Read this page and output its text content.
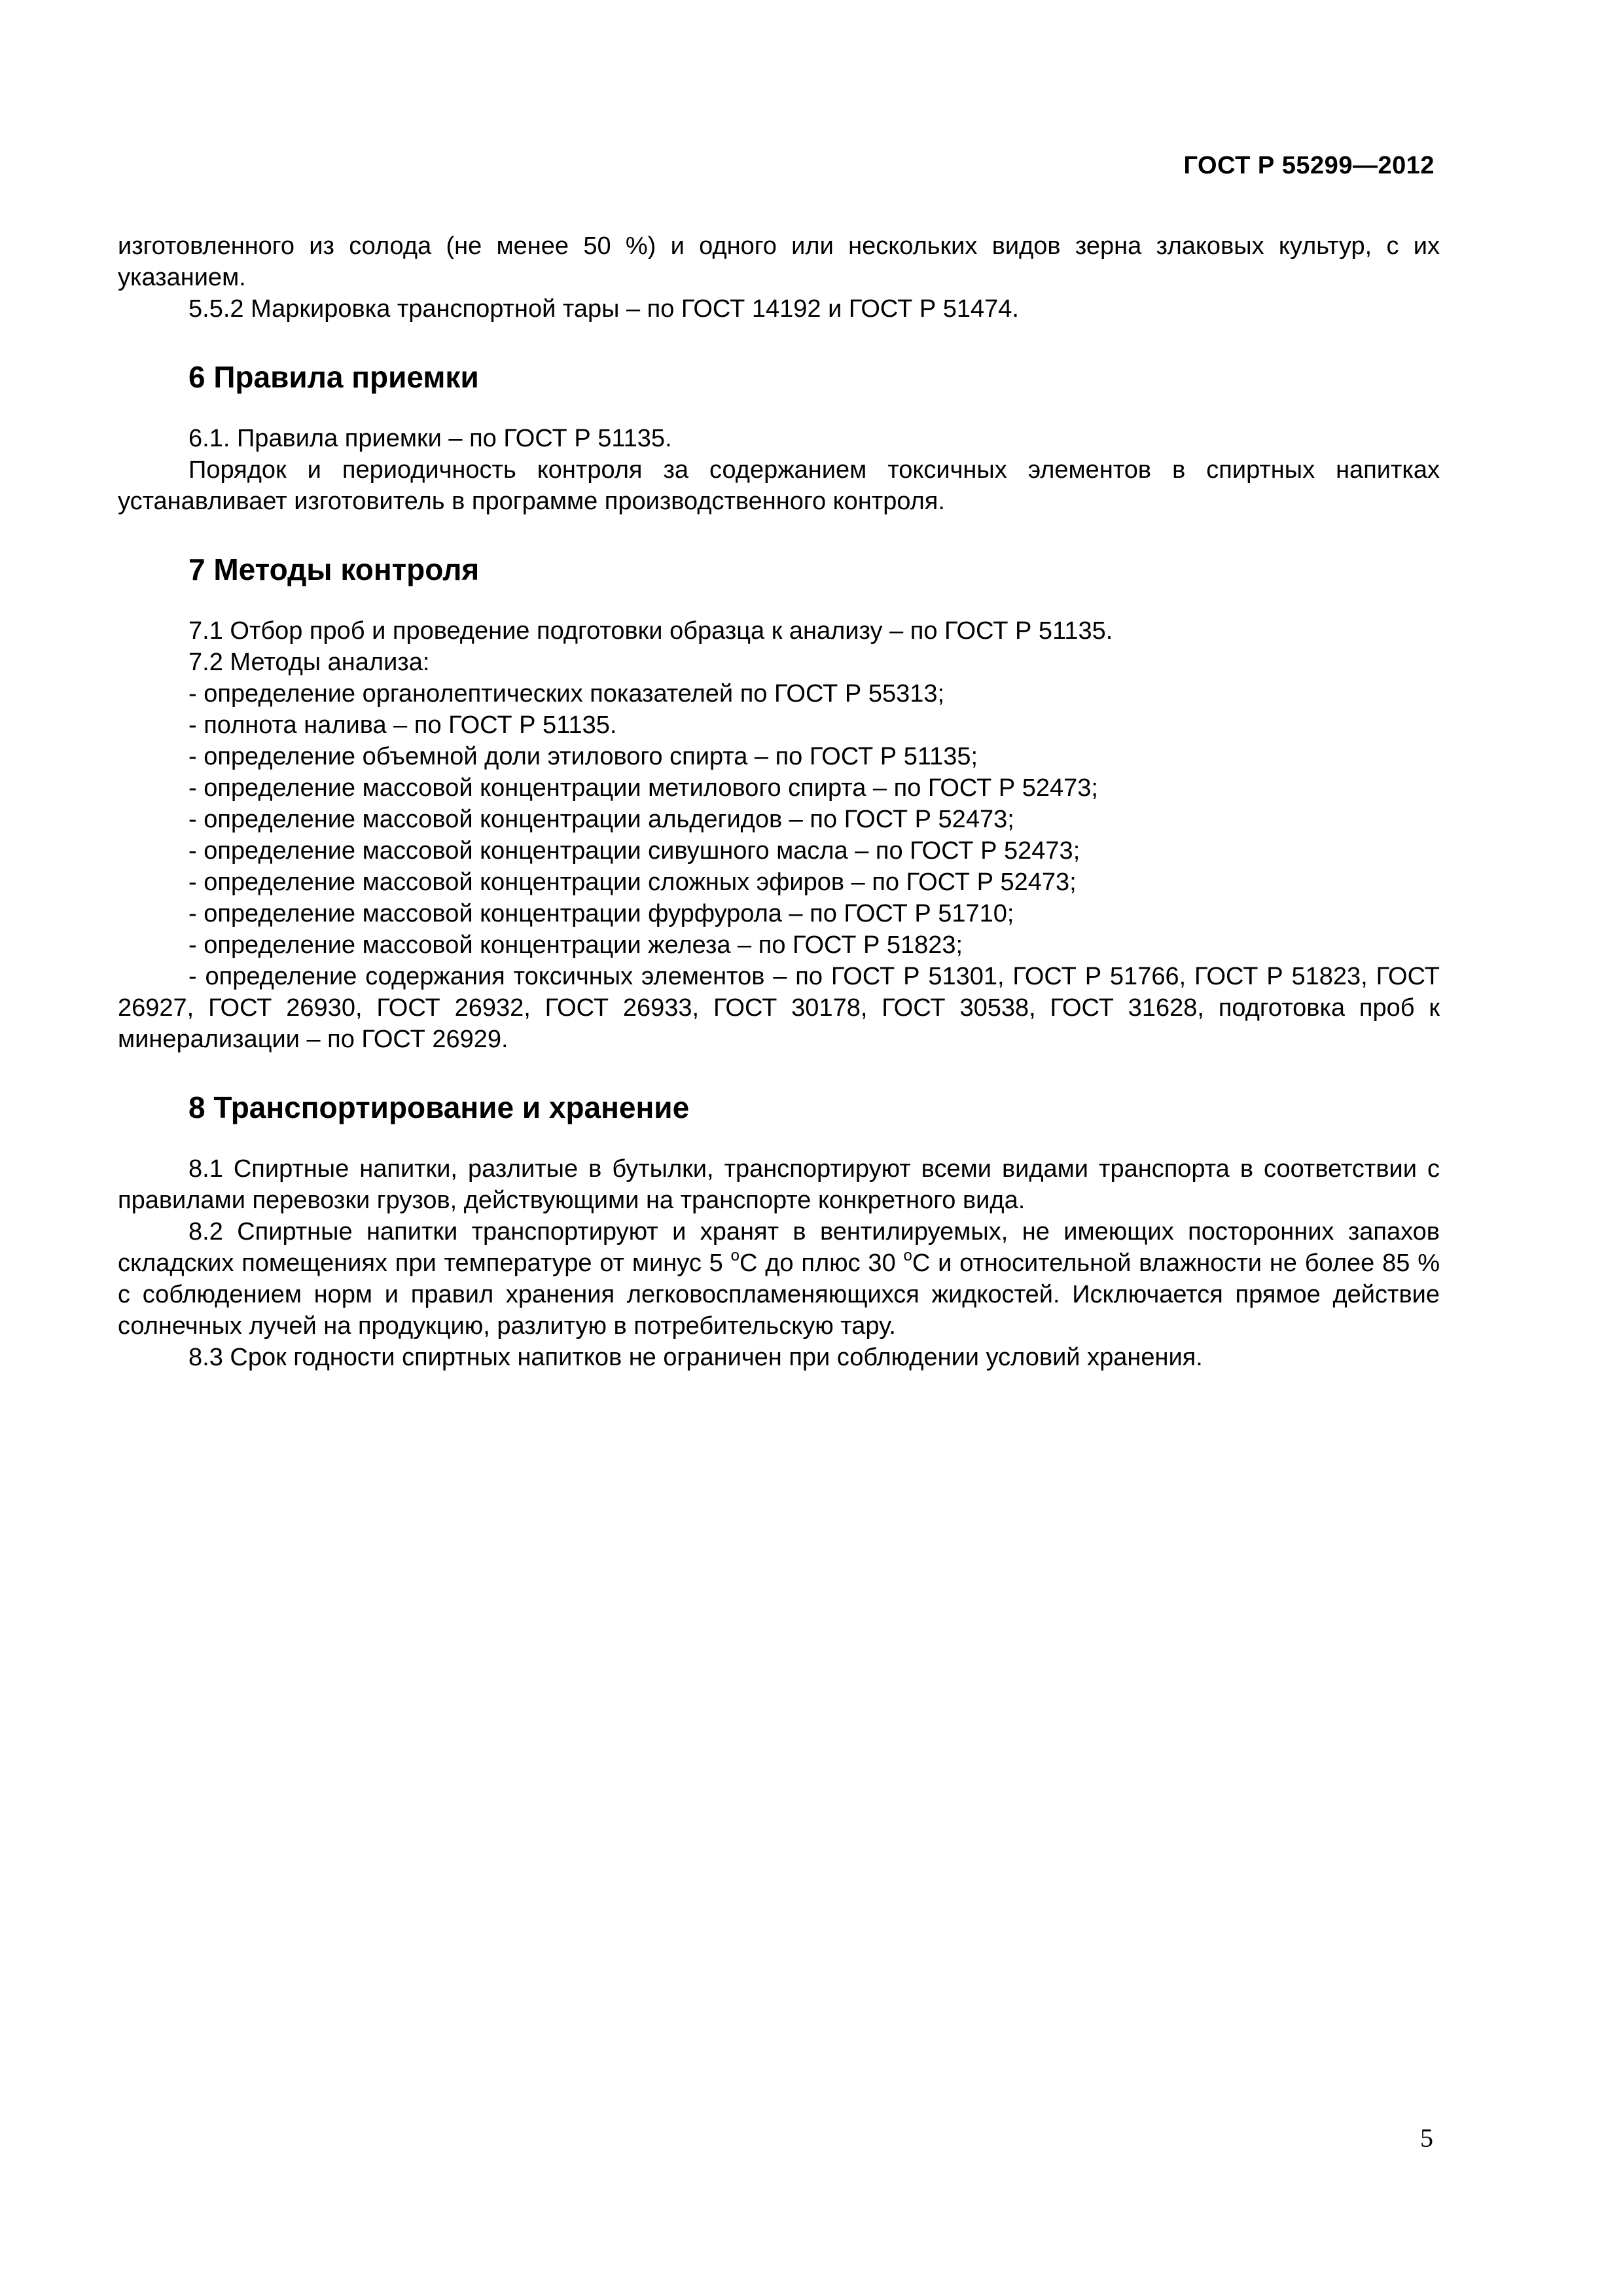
ГОСТ Р 55299—2012

изготовленного из солода (не менее 50 %) и одного или нескольких видов зерна злаковых культур, с их указанием.

5.5.2 Маркировка транспортной тары – по ГОСТ 14192 и ГОСТ Р 51474.

6 Правила приемки

6.1. Правила приемки – по ГОСТ Р 51135.

Порядок и периодичность контроля за содержанием токсичных элементов в спиртных напитках устанавливает изготовитель в программе производственного контроля.

7 Методы контроля

7.1 Отбор проб и проведение подготовки образца к анализу – по ГОСТ Р 51135.

7.2 Методы анализа:

- определение органолептических показателей по ГОСТ Р 55313;

- полнота налива – по ГОСТ Р 51135.

- определение объемной доли этилового спирта – по ГОСТ Р 51135;

- определение массовой концентрации метилового спирта – по ГОСТ Р 52473;

- определение массовой концентрации альдегидов – по ГОСТ Р 52473;

- определение массовой концентрации сивушного масла – по ГОСТ Р 52473;

- определение массовой концентрации сложных эфиров – по ГОСТ Р 52473;

- определение массовой концентрации фурфурола – по ГОСТ Р 51710;

- определение массовой концентрации железа – по ГОСТ Р 51823;

- определение содержания токсичных элементов – по ГОСТ Р 51301, ГОСТ Р 51766, ГОСТ Р 51823, ГОСТ 26927, ГОСТ 26930, ГОСТ 26932, ГОСТ 26933, ГОСТ 30178, ГОСТ 30538, ГОСТ 31628, подготовка проб к минерализации – по ГОСТ 26929.

8 Транспортирование и хранение

8.1 Спиртные напитки, разлитые в бутылки, транспортируют всеми видами транспорта в соответствии с правилами перевозки грузов, действующими на транспорте конкретного вида.

8.2 Спиртные напитки транспортируют и хранят в вентилируемых, не имеющих посторонних запахов складских помещениях при температуре от минус 5 $^о$С до плюс 30 $^о$С и относительной влажности не более 85 % с соблюдением норм и правил хранения легковоспламеняющихся жидкостей. Исключается прямое действие солнечных лучей на продукцию, разлитую в потребительскую тару.

8.3 Срок годности спиртных напитков не ограничен при соблюдении условий хранения.

5
